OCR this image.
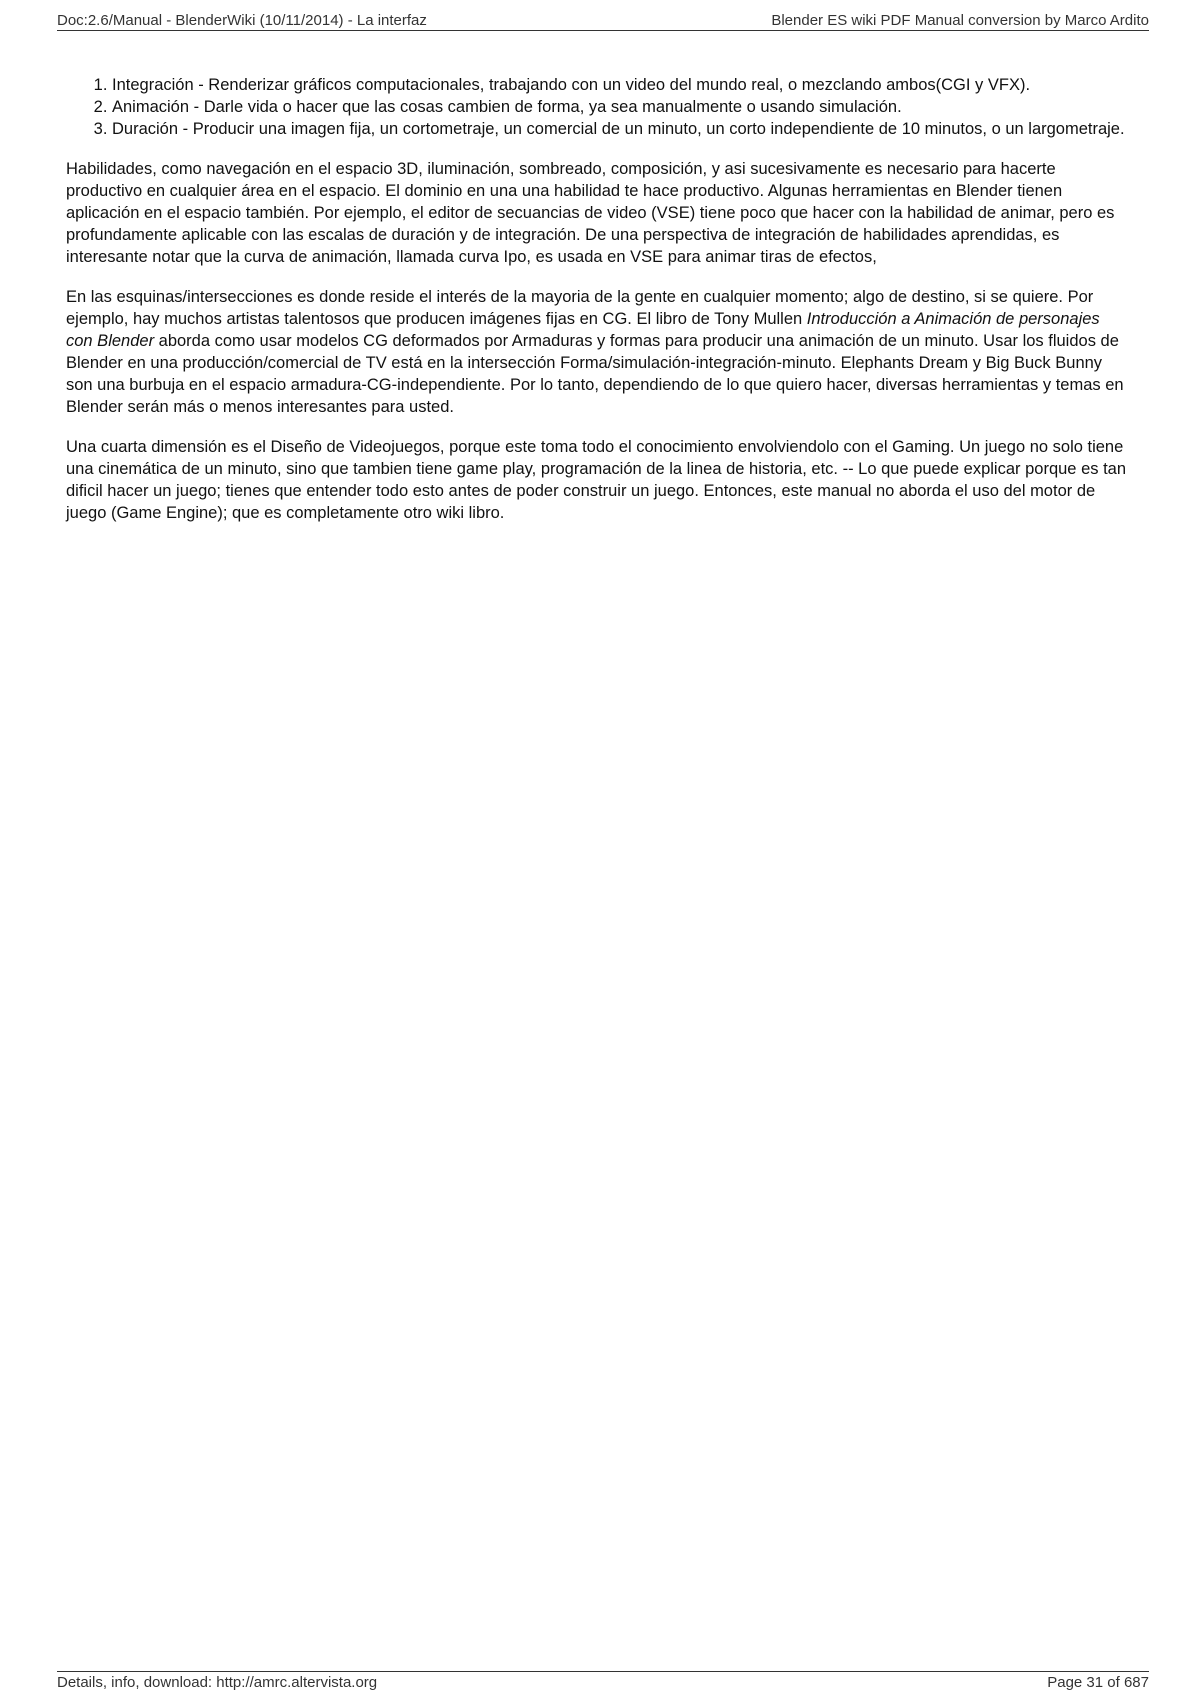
Doc:2.6/Manual - BlenderWiki (10/11/2014) - La interfaz	Blender ES wiki PDF Manual conversion by Marco Ardito
1. Integración - Renderizar gráficos computacionales, trabajando con un video del mundo real, o mezclando ambos(CGI y VFX).
2. Animación - Darle vida o hacer que las cosas cambien de forma, ya sea manualmente o usando simulación.
3. Duración - Producir una imagen fija, un cortometraje, un comercial de un minuto, un corto independiente de 10 minutos, o un largometraje.

Habilidades, como navegación en el espacio 3D, iluminación, sombreado, composición, y asi sucesivamente es necesario para hacerte productivo en cualquier área en el espacio. El dominio en una una habilidad te hace productivo. Algunas herramientas en Blender tienen aplicación en el espacio también. Por ejemplo, el editor de secuancias de video (VSE) tiene poco que hacer con la habilidad de animar, pero es profundamente aplicable con las escalas de duración y de integración. De una perspectiva de integración de habilidades aprendidas, es interesante notar que la curva de animación, llamada curva Ipo, es usada en VSE para animar tiras de efectos,

En las esquinas/intersecciones es donde reside el interés de la mayoria de la gente en cualquier momento; algo de destino, si se quiere. Por ejemplo, hay muchos artistas talentosos que producen imágenes fijas en CG. El libro de Tony Mullen Introducción a Animación de personajes con Blender aborda como usar modelos CG deformados por Armaduras y formas para producir una animación de un minuto. Usar los fluidos de Blender en una producción/comercial de TV está en la intersección Forma/simulación-integración-minuto. Elephants Dream y Big Buck Bunny son una burbuja en el espacio armadura-CG-independiente. Por lo tanto, dependiendo de lo que quiero hacer, diversas herramientas y temas en Blender serán más o menos interesantes para usted.

Una cuarta dimensión es el Diseño de Videojuegos, porque este toma todo el conocimiento envolviendolo con el Gaming. Un juego no solo tiene una cinemática de un minuto, sino que tambien tiene game play, programación de la linea de historia, etc. -- Lo que puede explicar porque es tan dificil hacer un juego; tienes que entender todo esto antes de poder construir un juego. Entonces, este manual no aborda el uso del motor de juego (Game Engine); que es completamente otro wiki libro.

Details, info, download: http://amrc.altervista.org	Page 31 of 687
